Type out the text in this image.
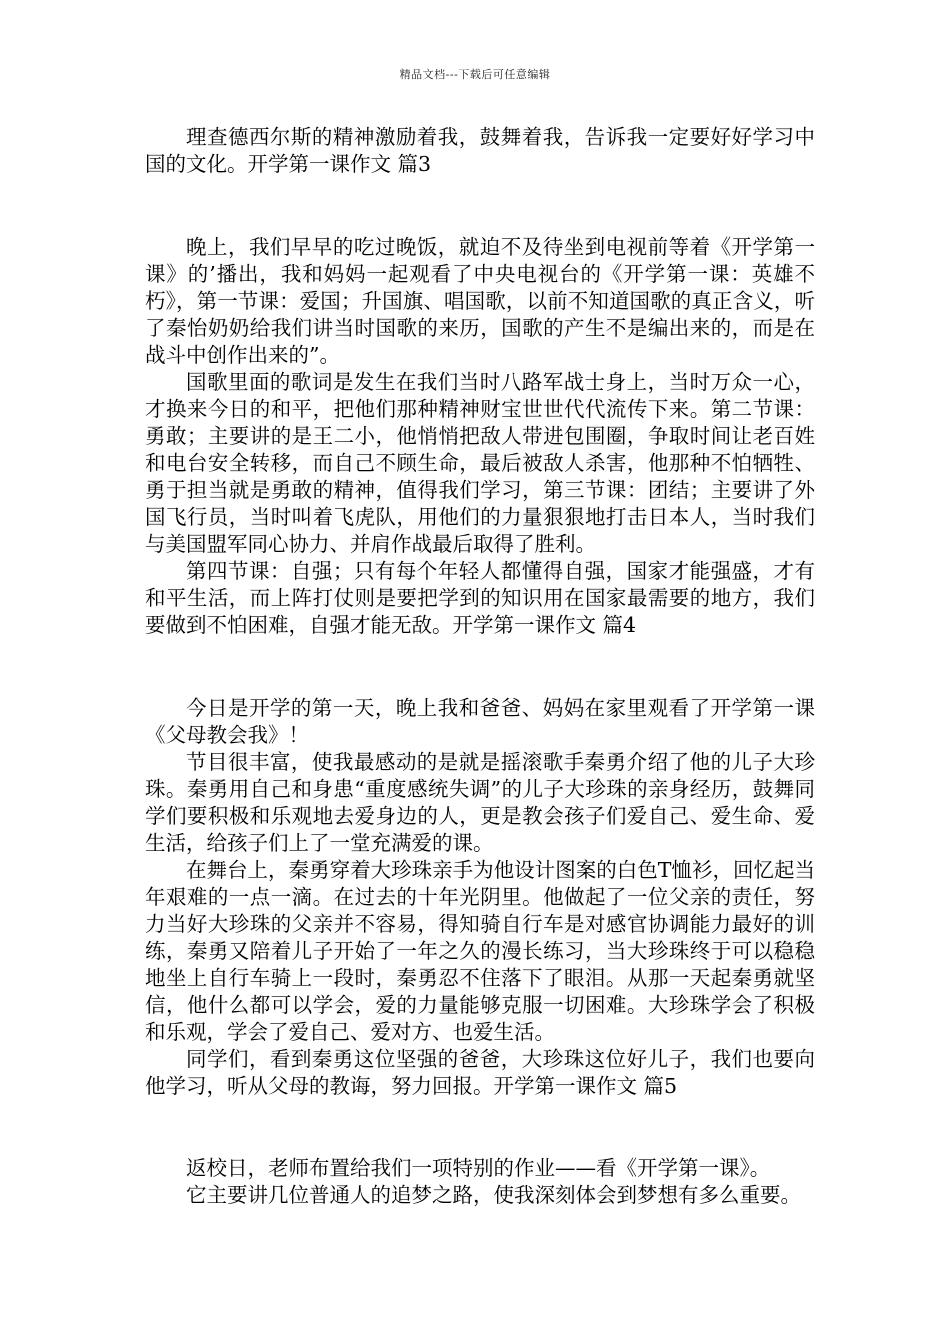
精品文档---下载后可任意编辑

理查德西尔斯的精神激励着我，鼓舞着我，告诉我一定要好好学习中国的文化。开学第一课作文 篇3

晚上，我们早早的吃过晚饭，就迫不及待坐到电视前等着《开学第一课》的’播出，我和妈妈一起观看了中央电视台的《开学第一课：英雄不朽》，第一节课：爱国；升国旗、唱国歌，以前不知道国歌的真正含义，听了秦怡奶奶给我们讲当时国歌的来历，国歌的产生不是编出来的，而是在战斗中创作出来的”。

国歌里面的歌词是发生在我们当时八路军战士身上，当时万众一心，才换来今日的和平，把他们那种精神财宝世世代代流传下来。第二节课：勇敢；主要讲的是王二小，他悄悄把敌人带进包围圈，争取时间让老百姓和电台安全转移，而自己不顾生命，最后被敌人杀害，他那种不怕牺牲、勇于担当就是勇敢的精神，值得我们学习，第三节课：团结；主要讲了外国飞行员，当时叫着飞虎队，用他们的力量狠狠地打击日本人，当时我们与美国盟军同心协力、并肩作战最后取得了胜利。

第四节课：自强；只有每个年轻人都懂得自强，国家才能强盛，才有和平生活，而上阵打仗则是要把学到的知识用在国家最需要的地方，我们要做到不怕困难，自强才能无敌。开学第一课作文 篇4

今日是开学的第一天，晚上我和爸爸、妈妈在家里观看了开学第一课《父母教会我》！

节目很丰富，使我最感动的是就是摇滚歌手秦勇介绍了他的儿子大珍珠。秦勇用自己和身患“重度感统失调”的儿子大珍珠的亲身经历，鼓舞同学们要积极和乐观地去爱身边的人，更是教会孩子们爱自己、爱生命、爱生活，给孩子们上了一堂充满爱的课。

在舞台上，秦勇穿着大珍珠亲手为他设计图案的白色T恤衫，回忆起当年艰难的一点一滴。在过去的十年光阴里。他做起了一位父亲的责任，努力当好大珍珠的父亲并不容易，得知骑自行车是对感官协调能力最好的训练，秦勇又陪着儿子开始了一年之久的漫长练习，当大珍珠终于可以稳稳地坐上自行车骑上一段时，秦勇忍不住落下了眼泪。从那一天起秦勇就坚信，他什么都可以学会，爱的力量能够克服一切困难。大珍珠学会了积极和乐观，学会了爱自己、爱对方、也爱生活。

同学们，看到秦勇这位坚强的爸爸，大珍珠这位好儿子，我们也要向他学习，听从父母的教诲，努力回报。开学第一课作文 篇5

返校日，老师布置给我们一项特别的作业——看《开学第一课》。

它主要讲几位普通人的追梦之路，使我深刻体会到梦想有多么重要。
